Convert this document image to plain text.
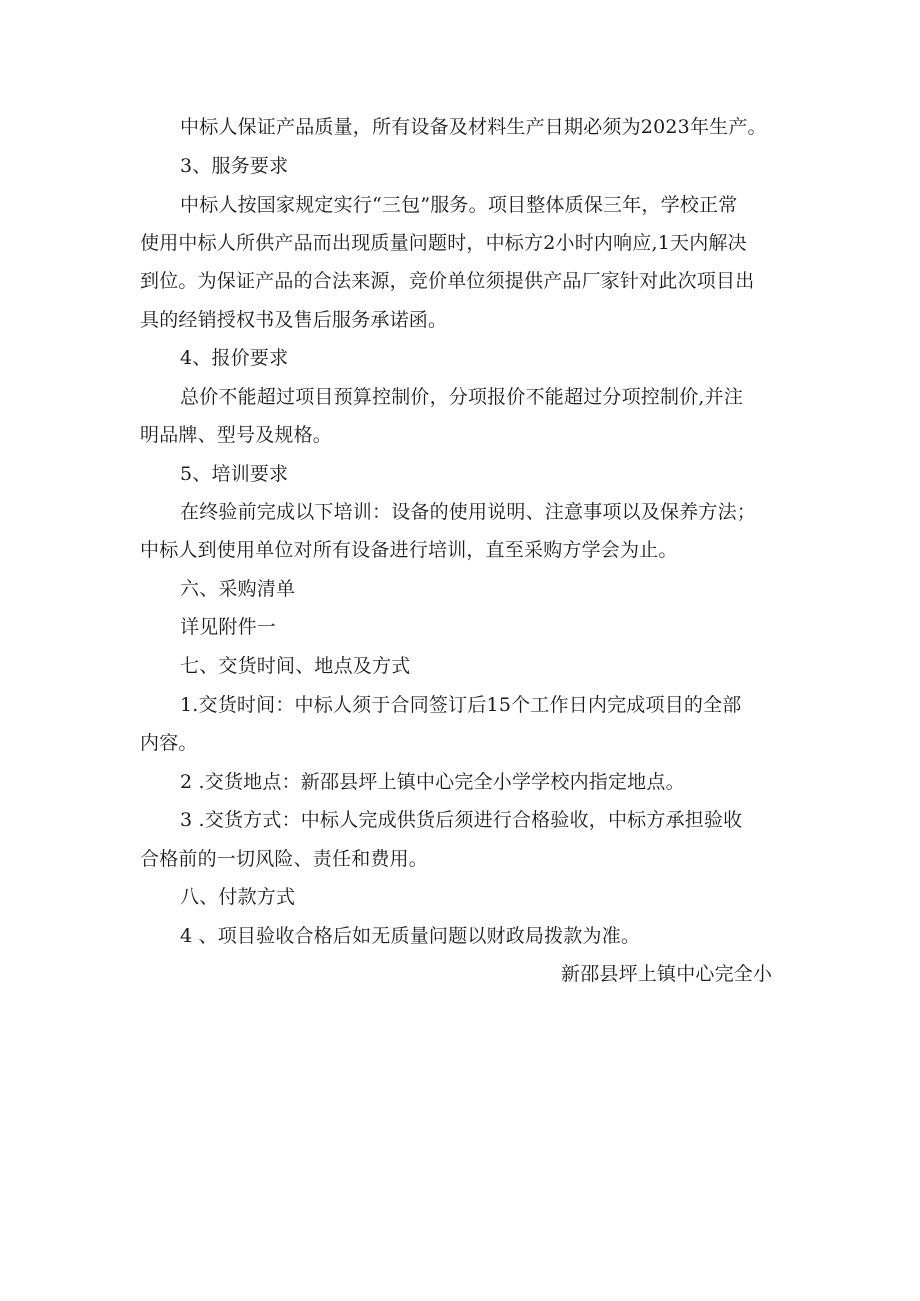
中标人保证产品质量，所有设备及材料生产日期必须为2023年生产。
3、服务要求
中标人按国家规定实行“三包”服务。项目整体质保三年，学校正常
使用中标人所供产品而出现质量问题时，中标方2小时内响应,1天内解决
到位。为保证产品的合法来源，竞价单位须提供产品厂家针对此次项目出
具的经销授权书及售后服务承诺函。
4、报价要求
总价不能超过项目预算控制价，分项报价不能超过分项控制价,并注
明品牌、型号及规格。
5、培训要求
在终验前完成以下培训：设备的使用说明、注意事项以及保养方法；
中标人到使用单位对所有设备进行培训，直至采购方学会为止。
六、采购清单
详见附件一
七、交货时间、地点及方式
1.交货时间：中标人须于合同签订后15个工作日内完成项目的全部
内容。
2 .交货地点：新邵县坪上镇中心完全小学学校内指定地点。
3 .交货方式：中标人完成供货后须进行合格验收，中标方承担验收
合格前的一切风险、责任和费用。
八、付款方式
4 、项目验收合格后如无质量问题以财政局拨款为准。
新邵县坪上镇中心完全小
